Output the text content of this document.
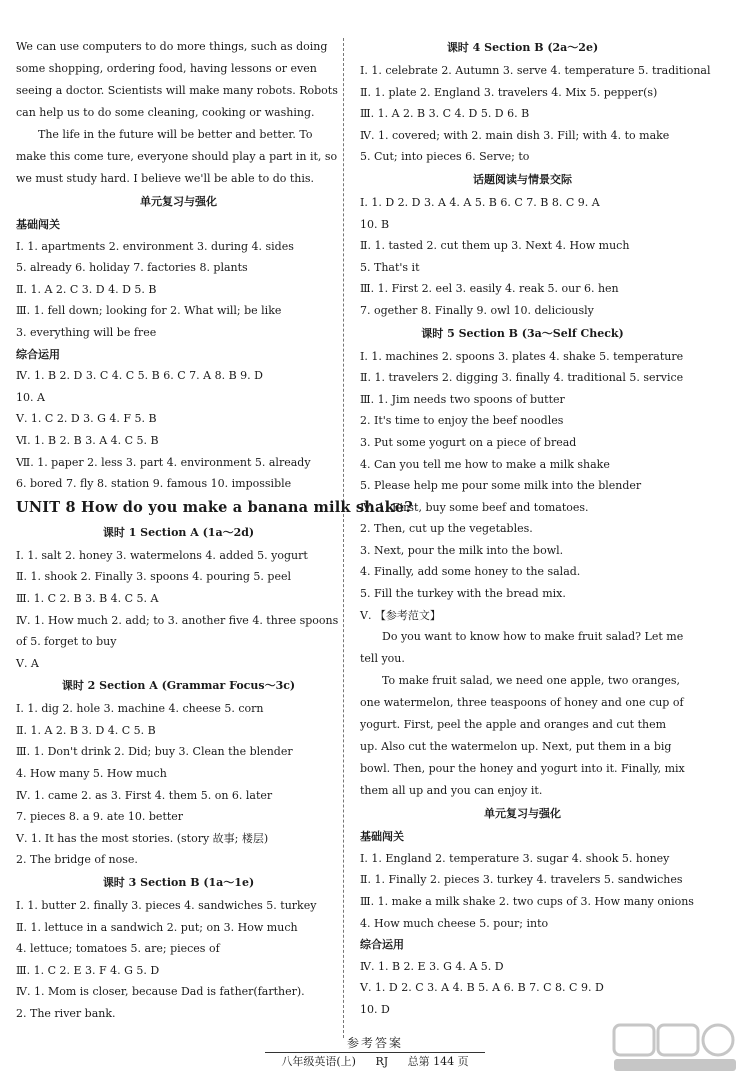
We can use computers to do more things, such as doing some shopping, ordering food, having lessons or even seeing a doctor. Scientists will make many robots. Robots can help us to do some cleaning, cooking or washing.

The life in the future will be better and better. To make this come ture, everyone should play a part in it, so we must study hard. I believe we'll be able to do this.

单元复习与强化
基础闯关
Ⅰ. 1. apartments 2. environment 3. during 4. sides
5. already 6. holiday 7. factories 8. plants
Ⅱ. 1. A 2. C 3. D 4. D 5. B
Ⅲ. 1. fell down; looking for 2. What will; be like
3. everything will be free
综合运用
Ⅳ. 1. B 2. D 3. C 4. C 5. B 6. C 7. A 8. B 9. D
10. A
Ⅴ. 1. C 2. D 3. G 4. F 5. B
Ⅵ. 1. B 2. B 3. A 4. C 5. B
Ⅶ. 1. paper 2. less 3. part 4. environment 5. already
6. bored 7. fly 8. station 9. famous 10. impossible
UNIT 8 How do you make a banana milk shake?
课时 1 Section A (1a～2d)
Ⅰ. 1. salt 2. honey 3. watermelons 4. added 5. yogurt
Ⅱ. 1. shook 2. Finally 3. spoons 4. pouring 5. peel
Ⅲ. 1. C 2. B 3. B 4. C 5. A
Ⅳ. 1. How much 2. add; to 3. another five 4. three spoons
of 5. forget to buy
Ⅴ. A
课时 2 Section A (Grammar Focus～3c)
Ⅰ. 1. dig 2. hole 3. machine 4. cheese 5. corn
Ⅱ. 1. A 2. B 3. D 4. C 5. B
Ⅲ. 1. Don't drink 2. Did; buy 3. Clean the blender
4. How many 5. How much
Ⅳ. 1. came 2. as 3. First 4. them 5. on 6. later
7. pieces 8. a 9. ate 10. better
Ⅴ. 1. It has the most stories. (story 故事; 楼层)
2. The bridge of nose.
课时 3 Section B (1a～1e)
Ⅰ. 1. butter 2. finally 3. pieces 4. sandwiches 5. turkey
Ⅱ. 1. lettuce in a sandwich 2. put; on 3. How much
4. lettuce; tomatoes 5. are; pieces of
Ⅲ. 1. C 2. E 3. F 4. G 5. D
Ⅳ. 1. Mom is closer, because Dad is father(farther).
2. The river bank.
课时 4 Section B (2a～2e)
Ⅰ. 1. celebrate 2. Autumn 3. serve 4. temperature 5. traditional
Ⅱ. 1. plate 2. England 3. travelers 4. Mix 5. pepper(s)
Ⅲ. 1. A 2. B 3. C 4. D 5. D 6. B
Ⅳ. 1. covered; with 2. main dish 3. Fill; with 4. to make
5. Cut; into pieces 6. Serve; to
话题阅读与情景交际
Ⅰ. 1. D 2. D 3. A 4. A 5. B 6. C 7. B 8. C 9. A
10. B
Ⅱ. 1. tasted 2. cut them up 3. Next 4. How much
5. That's it
Ⅲ. 1. First 2. eel 3. easily 4. reak 5. our 6. hen
7. ogether 8. Finally 9. owl 10. deliciously
课时 5 Section B (3a～Self Check)
Ⅰ. 1. machines 2. spoons 3. plates 4. shake 5. temperature
Ⅱ. 1. travelers 2. digging 3. finally 4. traditional 5. service
Ⅲ. 1. Jim needs two spoons of butter
2. It's time to enjoy the beef noodles
3. Put some yogurt on a piece of bread
4. Can you tell me how to make a milk shake
5. Please help me pour some milk into the blender
Ⅳ. 1. First, buy some beef and tomatoes.
2. Then, cut up the vegetables.
3. Next, pour the milk into the bowl.
4. Finally, add some honey to the salad.
5. Fill the turkey with the bread mix.
Ⅴ. 【参考范文】

Do you want to know how to make fruit salad? Let me tell you.

To make fruit salad, we need one apple, two oranges, one watermelon, three teaspoons of honey and one cup of yogurt. First, peel the apple and oranges and cut them up. Also cut the watermelon up. Next, put them in a big bowl. Then, pour the honey and yogurt into it. Finally, mix them all up and you can enjoy it.

单元复习与强化
基础闯关
Ⅰ. 1. England 2. temperature 3. sugar 4. shook 5. honey
Ⅱ. 1. Finally 2. pieces 3. turkey 4. travelers 5. sandwiches
Ⅲ. 1. make a milk shake 2. two cups of 3. How many onions
4. How much cheese 5. pour; into
综合运用
Ⅳ. 1. B 2. E 3. G 4. A 5. D
Ⅴ. 1. D 2. C 3. A 4. B 5. A 6. B 7. C 8. C 9. D
10. D
参考答案
八年级英语(上) RJ 总第 144 页
